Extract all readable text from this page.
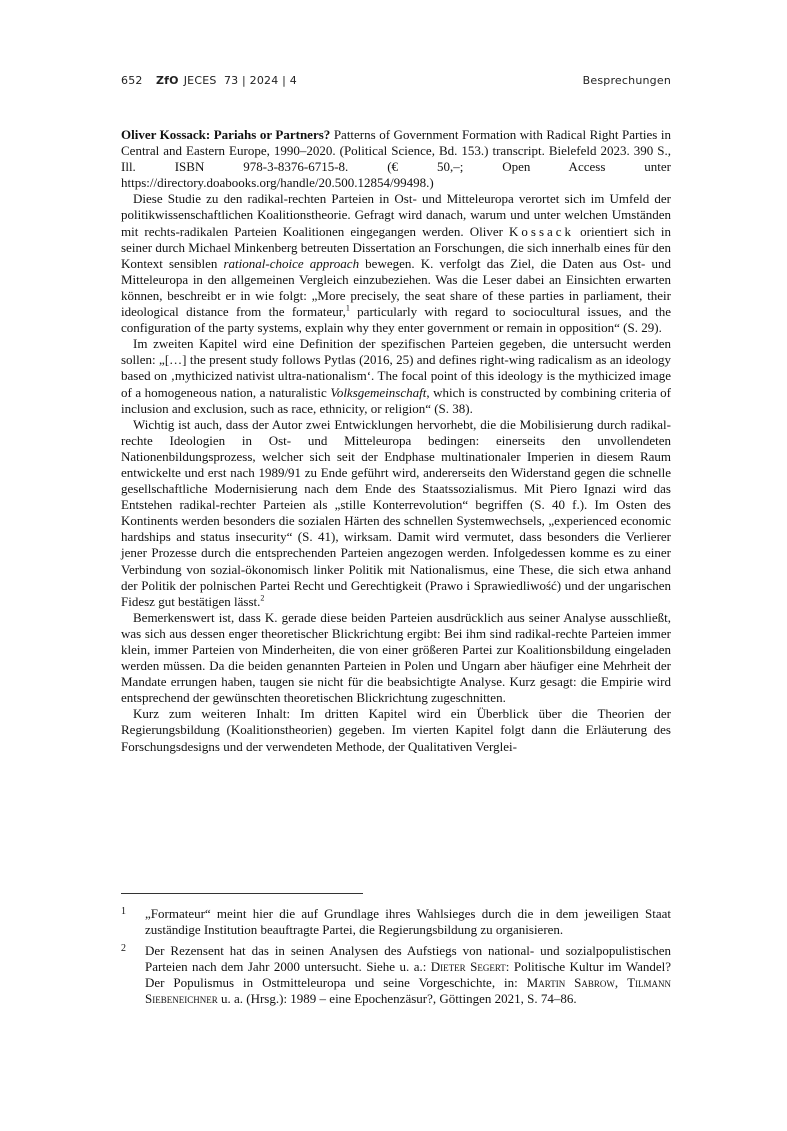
652 ZfO JECES 73 | 2024 | 4	Besprechungen

Oliver Kossack: Pariahs or Partners? Patterns of Government Formation with Radical Right Parties in Central and Eastern Europe, 1990–2020. (Political Science, Bd. 153.) transcript. Bielefeld 2023. 390 S., Ill. ISBN 978-3-8376-6715-8. (€ 50,–; Open Access unter https://directory.doabooks.org/handle/20.500.12854/99498.)

Diese Studie zu den radikal-rechten Parteien in Ost- und Mitteleuropa verortet sich im Umfeld der politikwissenschaftlichen Koalitionstheorie. Gefragt wird danach, warum und unter welchen Umständen mit rechts-radikalen Parteien Koalitionen eingegangen werden. Oliver Kossack orientiert sich in seiner durch Michael Minkenberg betreuten Dissertation an Forschungen, die sich innerhalb eines für den Kontext sensiblen rational-choice approach bewegen. K. verfolgt das Ziel, die Daten aus Ost- und Mitteleuropa in den allgemeinen Vergleich einzubeziehen. Was die Leser dabei an Einsichten erwarten können, beschreibt er in wie folgt: „More precisely, the seat share of these parties in parliament, their ideological distance from the formateur,$^1$ particularly with regard to sociocultural issues, and the configuration of the party systems, explain why they enter government or remain in opposition“ (S. 29).

Im zweiten Kapitel wird eine Definition der spezifischen Parteien gegeben, die untersucht werden sollen: „[…] the present study follows Pytlas (2016, 25) and defines right-wing radicalism as an ideology based on ‚mythicized nativist ultra-nationalism‘. The focal point of this ideology is the mythicized image of a homogeneous nation, a naturalistic Volksgemeinschaft, which is constructed by combining criteria of inclusion and exclusion, such as race, ethnicity, or religion“ (S. 38).

Wichtig ist auch, dass der Autor zwei Entwicklungen hervorhebt, die die Mobilisierung durch radikal-rechte Ideologien in Ost- und Mitteleuropa bedingen: einerseits den unvollendeten Nationenbildungsprozess, welcher sich seit der Endphase multinationaler Imperien in diesem Raum entwickelte und erst nach 1989/91 zu Ende geführt wird, andererseits den Widerstand gegen die schnelle gesellschaftliche Modernisierung nach dem Ende des Staatssozialismus. Mit Piero Ignazi wird das Entstehen radikal-rechter Parteien als „stille Konterrevolution“ begriffen (S. 40 f.). Im Osten des Kontinents werden besonders die sozialen Härten des schnellen Systemwechsels, „experienced economic hardships and status insecurity“ (S. 41), wirksam. Damit wird vermutet, dass besonders die Verlierer jener Prozesse durch die entsprechenden Parteien angezogen werden. Infolgedessen komme es zu einer Verbindung von sozial-ökonomisch linker Politik mit Nationalismus, eine These, die sich etwa anhand der Politik der polnischen Partei Recht und Gerechtigkeit (Prawo i Sprawiedliwość) und der ungarischen Fidesz gut bestätigen lässt.$^2$

Bemerkenswert ist, dass K. gerade diese beiden Parteien ausdrücklich aus seiner Analyse ausschließt, was sich aus dessen enger theoretischer Blickrichtung ergibt: Bei ihm sind radikal-rechte Parteien immer klein, immer Parteien von Minderheiten, die von einer größeren Partei zur Koalitionsbildung eingeladen werden müssen. Da die beiden genannten Parteien in Polen und Ungarn aber häufiger eine Mehrheit der Mandate errungen haben, taugen sie nicht für die beabsichtigte Analyse. Kurz gesagt: die Empirie wird entsprechend der gewünschten theoretischen Blickrichtung zugeschnitten.

Kurz zum weiteren Inhalt: Im dritten Kapitel wird ein Überblick über die Theorien der Regierungsbildung (Koalitionstheorien) gegeben. Im vierten Kapitel folgt dann die Erläuterung des Forschungsdesigns und der verwendeten Methode, der Qualitativen Verglei-

1 „Formateur“ meint hier die auf Grundlage ihres Wahlsieges durch die in dem jeweiligen Staat zuständige Institution beauftragte Partei, die Regierungsbildung zu organisieren.
2 Der Rezensent hat das in seinen Analysen des Aufstiegs von national- und sozialpopulistischen Parteien nach dem Jahr 2000 untersucht. Siehe u. a.: Dieter Segert: Politische Kultur im Wandel? Der Populismus in Ostmitteleuropa und seine Vorgeschichte, in: Martin Sabrow, Tilmann Siebeneichner u. a. (Hrsg.): 1989 – eine Epochenzäsur?, Göttingen 2021, S. 74–86.
